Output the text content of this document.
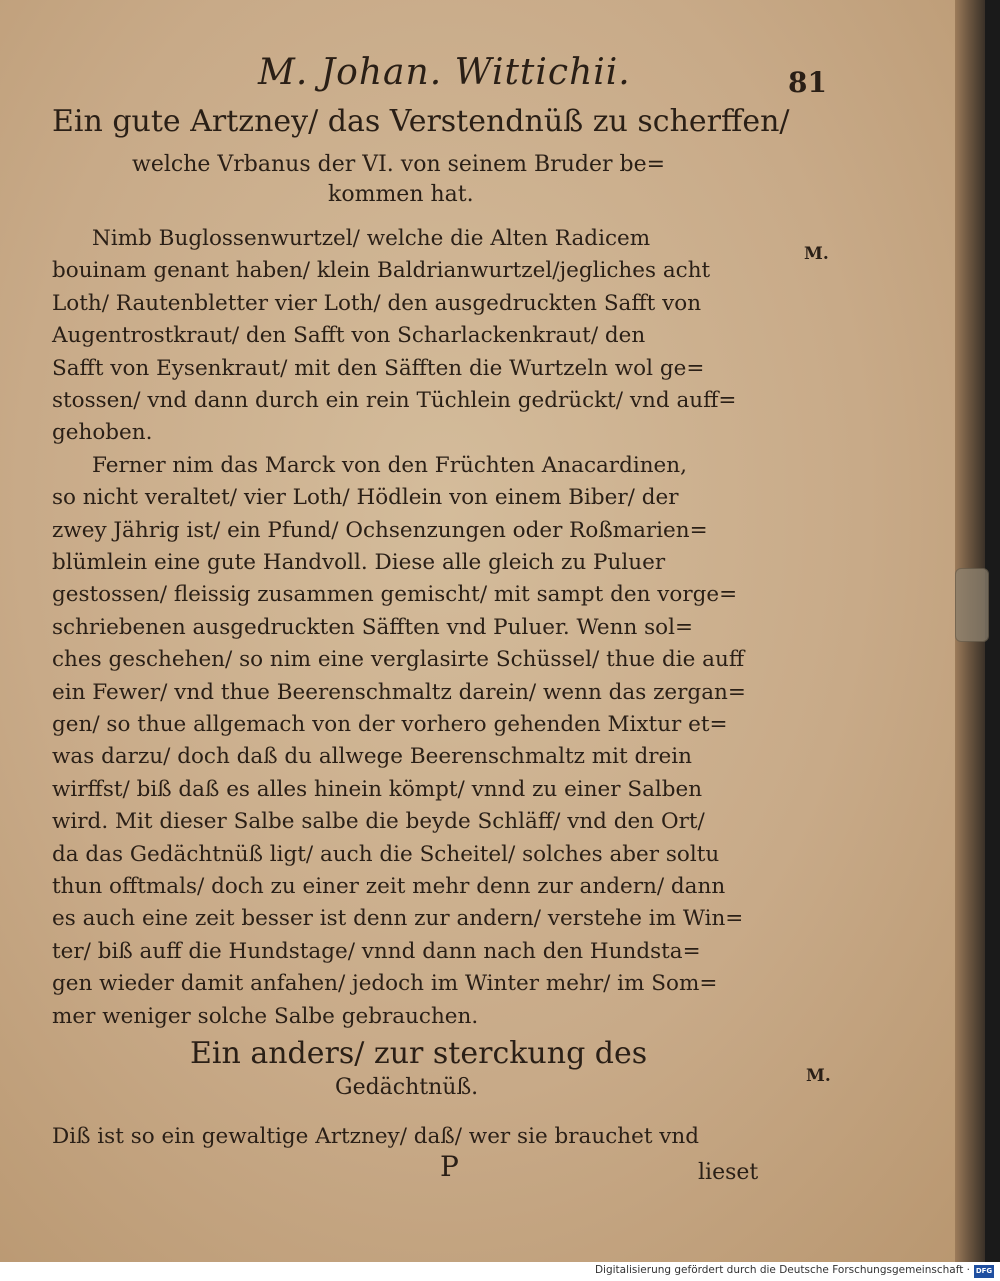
M. Johan. Wittichii.	81
Ein gute Artzney/ das Verstendnüß zu scherffen/
welche Vrbanus der VI. von seinem Bruder be=
kommen hat.
Nimb Buglossenwurtzel/ welche die Alten Radicem
bouinam genant haben/ klein Baldrianwurtzel/jegliches acht
Loth/ Rautenbletter vier Loth/ den ausgedruckten Safft von
Augentrostkraut/ den Safft von Scharlackenkraut/ den
Safft von Eysenkraut/ mit den Säfften die Wurtzeln wol ge=
stossen/ vnd dann durch ein rein Tüchlein gedrückt/ vnd auff=
gehoben.
Ferner nim das Marck von den Früchten Anacardinen,
so nicht veraltet/ vier Loth/ Hödlein von einem Biber/ der
zwey Jährig ist/ ein Pfund/ Ochsenzungen oder Roßmarien=
blümlein eine gute Handvoll. Diese alle gleich zu Puluer
gestossen/ fleissig zusammen gemischt/ mit sampt den vorge=
schriebenen ausgedruckten Säfften vnd Puluer. Wenn sol=
ches geschehen/ so nim eine verglasirte Schüssel/ thue die auff
ein Fewer/ vnd thue Beerenschmaltz darein/ wenn das zergan=
gen/ so thue allgemach von der vorhero gehenden Mixtur et=
was darzu/ doch daß du allwege Beerenschmaltz mit drein
wirffst/ biß daß es alles hinein kömpt/ vnnd zu einer Salben
wird. Mit dieser Salbe salbe die beyde Schläff/ vnd den Ort/
da das Gedächtnüß ligt/ auch die Scheitel/ solches aber soltu
thun offtmals/ doch zu einer zeit mehr denn zur andern/ dann
es auch eine zeit besser ist denn zur andern/ verstehe im Win=
ter/ biß auff die Hundstage/ vnnd dann nach den Hundsta=
gen wieder damit anfahen/ jedoch im Winter mehr/ im Som=
mer weniger solche Salbe gebrauchen.
Ein anders/ zur sterckung des
Gedächtnüß.
Diß ist so ein gewaltige Artzney/ daß/ wer sie brauchet vnd
P	lieset
M.
M.
Digitalisierung gefördert durch die Deutsche Forschungsgemeinschaft · DFG
